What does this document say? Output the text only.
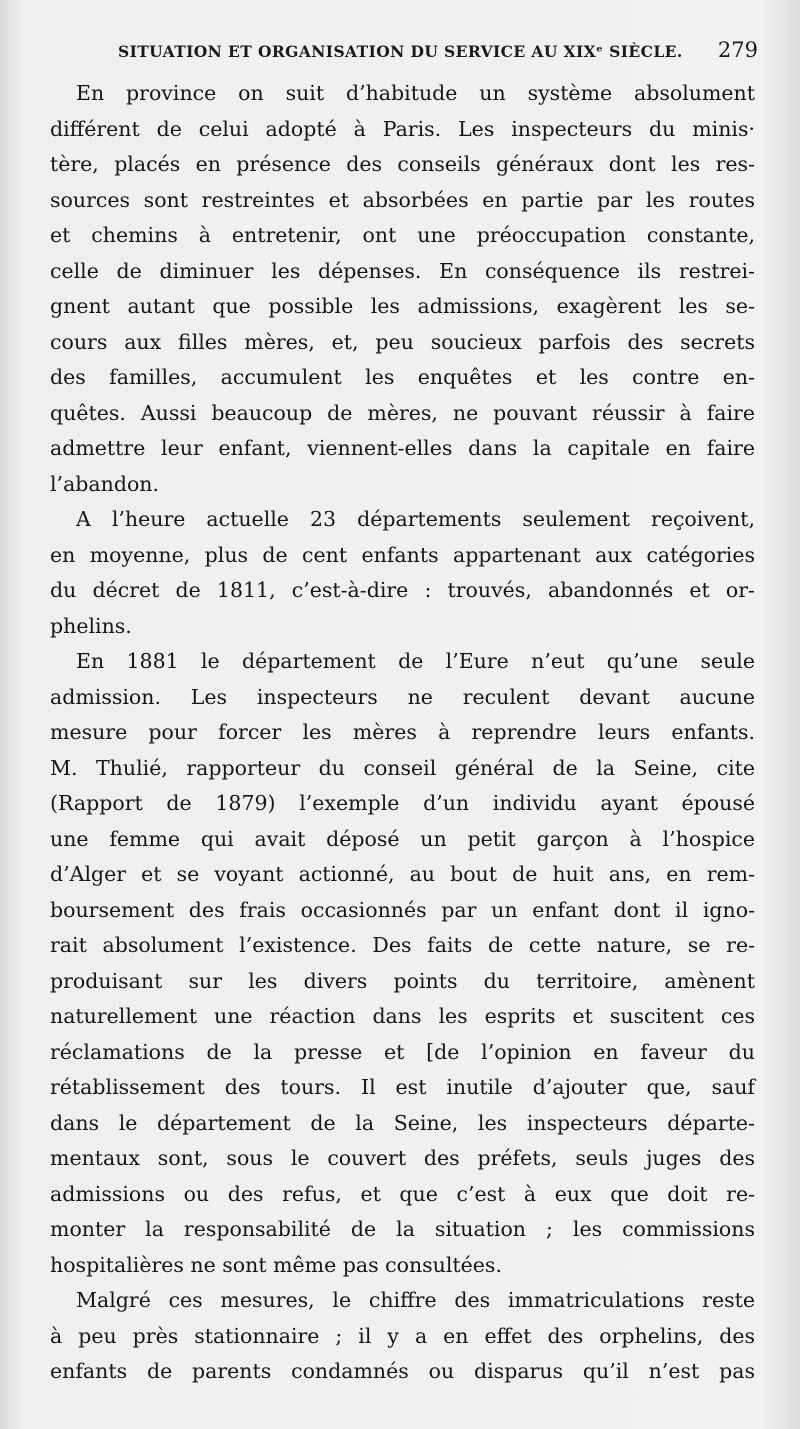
SITUATION ET ORGANISATION DU SERVICE AU XIXᵉ SIÈCLE. 279
En province on suit d’habitude un système absolument
différent de celui adopté à Paris. Les inspecteurs du minis·
tère, placés en présence des conseils généraux dont les res-
sources sont restreintes et absorbées en partie par les routes
et chemins à entretenir, ont une préoccupation constante,
celle de diminuer les dépenses. En conséquence ils restrei-
gnent autant que possible les admissions, exagèrent les se-
cours aux filles mères, et, peu soucieux parfois des secrets
des familles, accumulent les enquêtes et les contre en-
quêtes. Aussi beaucoup de mères, ne pouvant réussir à faire
admettre leur enfant, viennent-elles dans la capitale en faire
l’abandon.
A l’heure actuelle 23 départements seulement reçoivent,
en moyenne, plus de cent enfants appartenant aux catégories
du décret de 1811, c’est-à-dire : trouvés, abandonnés et or-
phelins.
En 1881 le département de l’Eure n’eut qu’une seule
admission. Les inspecteurs ne reculent devant aucune
mesure pour forcer les mères à reprendre leurs enfants.
M. Thulié, rapporteur du conseil général de la Seine, cite
(Rapport de 1879) l’exemple d’un individu ayant épousé
une femme qui avait déposé un petit garçon à l’hospice
d’Alger et se voyant actionné, au bout de huit ans, en rem-
boursement des frais occasionnés par un enfant dont il igno-
rait absolument l’existence. Des faits de cette nature, se re-
produisant sur les divers points du territoire, amènent
naturellement une réaction dans les esprits et suscitent ces
réclamations de la presse et [de l’opinion en faveur du
rétablissement des tours. Il est inutile d’ajouter que, sauf
dans le département de la Seine, les inspecteurs départe-
mentaux sont, sous le couvert des préfets, seuls juges des
admissions ou des refus, et que c’est à eux que doit re-
monter la responsabilité de la situation ; les commissions
hospitalières ne sont même pas consultées.
Malgré ces mesures, le chiffre des immatriculations reste
à peu près stationnaire ; il y a en effet des orphelins, des
enfants de parents condamnés ou disparus qu’il n’est pas
